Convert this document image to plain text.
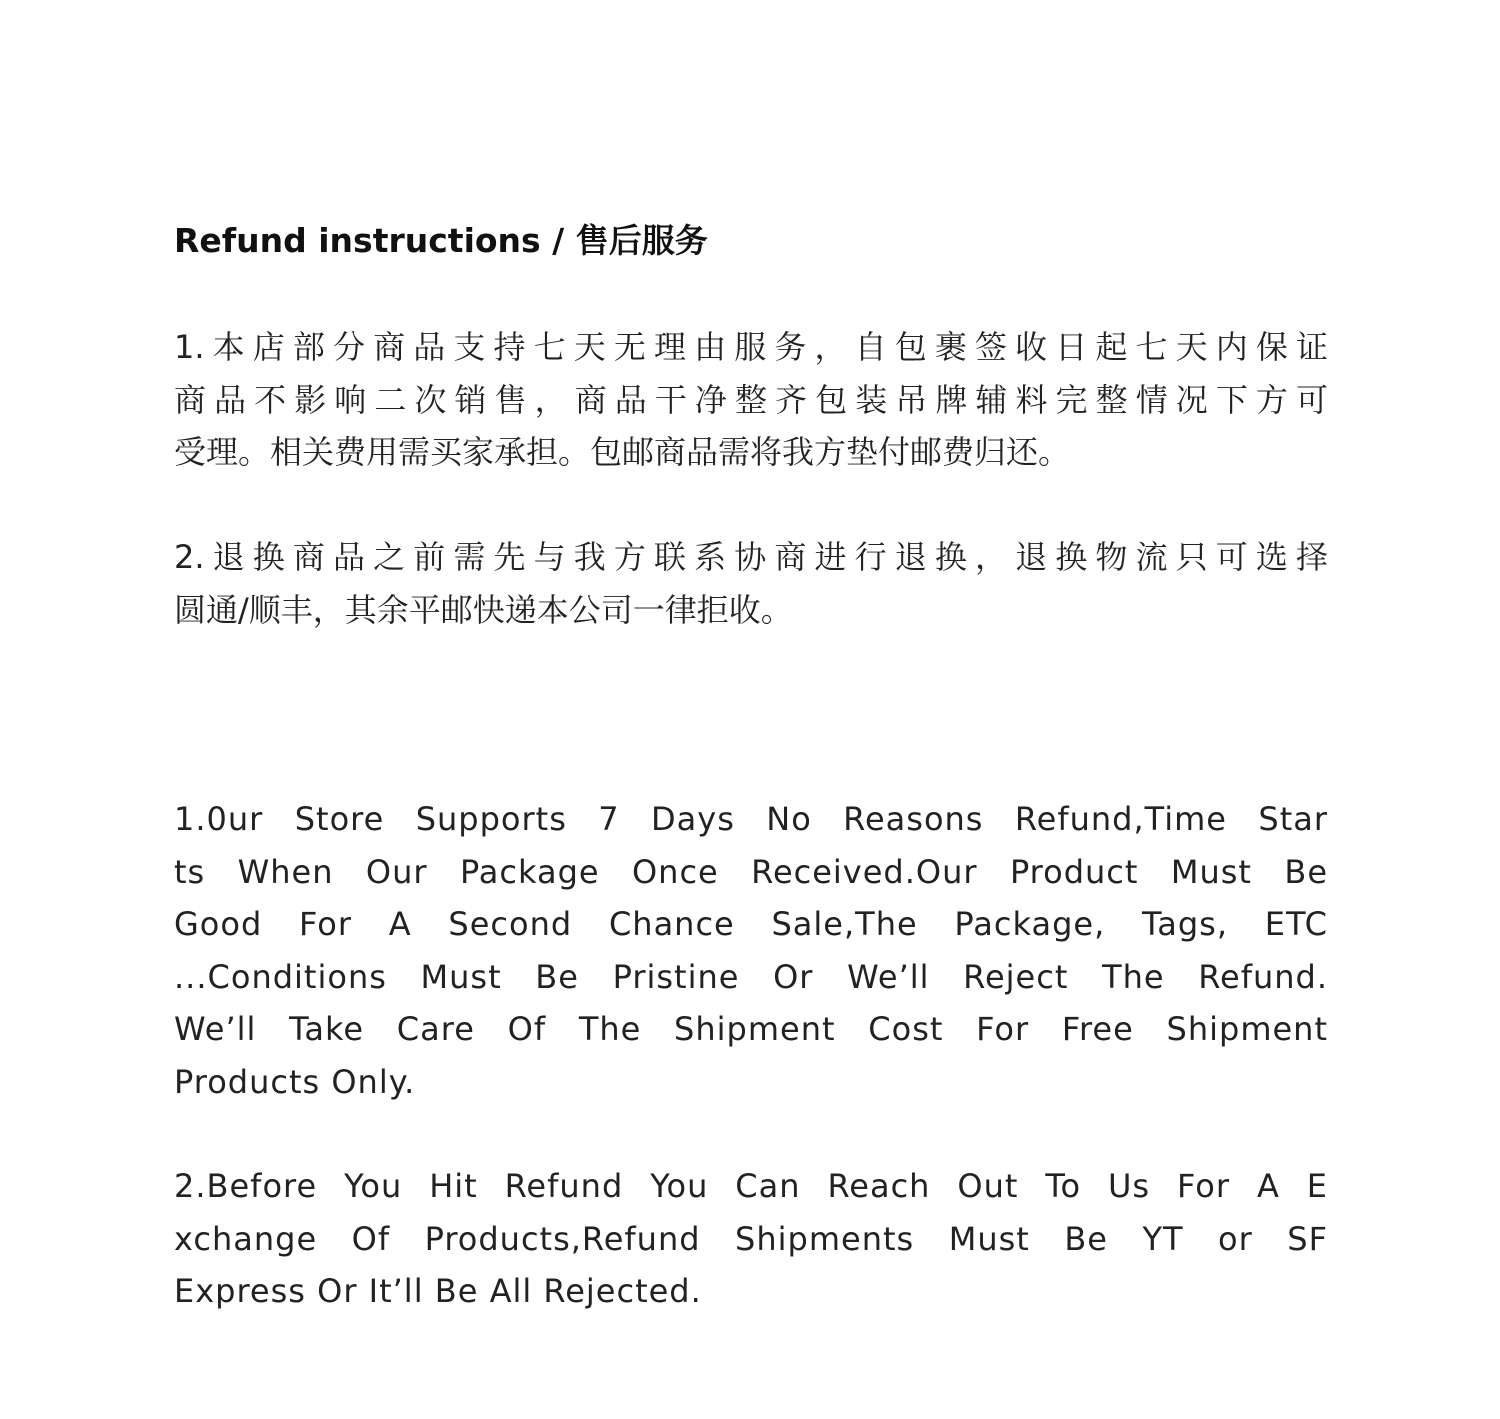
Refund instructions / 售后服务
1.本店部分商品支持七天无理由服务，自包裹签收日起七天内保证
商品不影响二次销售，商品干净整齐包装吊牌辅料完整情况下方可
受理。相关费用需买家承担。包邮商品需将我方垫付邮费归还。
2.退换商品之前需先与我方联系协商进行退换，退换物流只可选择
圆通/顺丰，其余平邮快递本公司一律拒收。
1.0ur Store Supports 7 Days No Reasons Refund,Time Star
ts When Our Package Once Received.Our Product Must Be
Good For A Second Chance Sale,The Package, Tags, ETC
...Conditions Must Be Pristine Or We’ll Reject The Refund.
We’ll Take Care Of The Shipment Cost For Free Shipment
Products Only.
2.Before You Hit Refund You Can Reach Out To Us For A E
xchange Of Products,Refund Shipments Must Be YT or SF
Express Or It’ll Be All Rejected.
